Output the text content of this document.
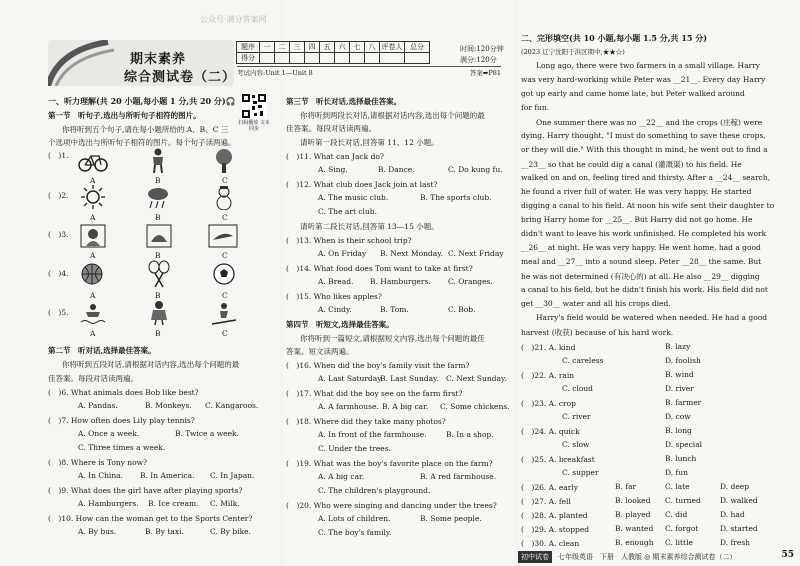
期末素养
综合测试卷（二）
公众号·满分答案网
题序	一	二	三	四	五	六	七	八	评卷人	总分
得分										
时间:120分钟
满分:120分
考试内容:Unit 1—Unit 8	答案➡P81
扫码播放 文本同步
一、听力理解(共 20 小题,每小题 1 分,共 20 分)🎧
第一节　听句子,选出与所听句子相符的图片。
你将听到五个句子,请在每小题所给的 A、B、C 三
个选项中选出与所听句子相符的图片。每个句子读两遍。
(　)1.
A	B	C
(　)2.
A	B	C
(　)3.
A	B	C
(　)4.
A	B	C
(　)5.
A	B	C
第二节　听对话,选择最佳答案。
你将听到五段对话,请根据对话内容,选出每个问题的最
佳答案。每段对话读两遍。
(　)6. What animals does Bob like best?
A. Pandas.	B. Monkeys. C. Kangaroos.
(　)7. How often does Lily play tennis?
A. Once a week.	B. Twice a week.
C. Three times a week.
(　)8. Where is Tony now?
A. In China. B. In America. C. In Japan.
(　)9. What does the girl have after playing sports?
A. Hamburgers. B. Ice cream. C. Milk.
(　)10. How can the woman get to the Sports Center?
A. By bus.	B. By taxi.	C. By bike.
第三节　听长对话,选择最佳答案。
你将听到两段长对话,请根据对话内容,选出每个问题的最
佳答案。每段对话读两遍。
请听第一段长对话,回答第 11、12 小题。
(　)11. What can Jack do?
A. Sing.	B. Dance.	C. Do kung fu.
(　)12. What club does Jack join at last?
A. The music club.	B. The sports club.
C. The art club.
请听第二段长对话,回答第 13—15 小题。
(　)13. When is their school trip?
A. On Friday B. Next Monday. C. Next Friday
(　)14. What food does Tom want to take at first?
A. Bread. B. Hamburgers. C. Oranges.
(　)15. Who likes apples?
A. Cindy.	B. Tom.	C. Bob.
第四节　听短文,选择最佳答案。
你将听到一篇短文,请根据短文内容,选出每个问题的最佳
答案。短文读两遍。
(　)16. When did the boy's family visit the farm?
A. Last Saturday.
B. Last Sunday. C. Next Sunday.
(　)17. What did the boy see on the farm first?
A. A farmhouse. B. A big car. C. Some chickens.
(　)18. Where did they take many photos?
A. In front of the farmhouse.	B. In a shop.
C. Under the trees.
(　)19. What was the boy's favorite place on the farm?
A. A big car.	B. A red farmhouse.
C. The children's playground.
(　)20. Who were singing and dancing under the trees?
A. Lots of children.	B. Some people.
C. The boy's family.
二、完形填空(共 10 小题,每小题 1.5 分,共 15 分)
(2023 辽宁沈阳于洪区期中,★★☆)
Long ago, there were two farmers in a small village. Harry
was very hard-working while Peter was __21__. Every day Harry
got up early and came home late, but Peter walked around
for fun.
One summer there was no __22__ and the crops (庄稼) were
dying. Harry thought, "I must do something to save these crops,
or they will die." With this thought in mind, he went out to find a
__23__ so that he could dig a canal (灌溉渠) to his field. He
walked on and on, feeling tired and thirsty. After a __24__ search,
he found a river full of water. He was very happy. He started
digging a canal to his field. At noon his wife sent their daughter to
bring Harry home for __25__. But Harry did not go home. He
didn't want to leave his work unfinished. He completed his work
__26__ at night. He was very happy. He went home, had a good
meal and __27__ into a sound sleep. Peter __28__ the same. But
he was not determined (有决心的) at all. He also __29__ digging
a canal to his field, but he didn't finish his work. His field did not
get __30__ water and all his crops died.
Harry's field would be watered when needed. He had a good
harvest (收获) because of his hard work.
(　)21. A. kind	B. lazy
C. careless	D. foolish
(　)22. A. rain	B. wind
C. cloud	D. river
(　)23. A. crop	B. farmer
C. river	D. cow
(　)24. A. quick	B. long
C. slow	D. special
(　)25. A. breakfast	B. lunch
C. supper	D. fun
(　)26. A. early	B. far	C. late	D. deep
(　)27. A. fell	B. looked C. turned	D. walked
(　)28. A. planted	B. played C. did	D. had
(　)29. A. stopped	B. wanted C. forgot	D. started
(　)30. A. clean	B. enough C. little	D. fresh
初中试卷	七年级英语　下册　人教版 ◎ 期末素养综合测试卷（二）	55
